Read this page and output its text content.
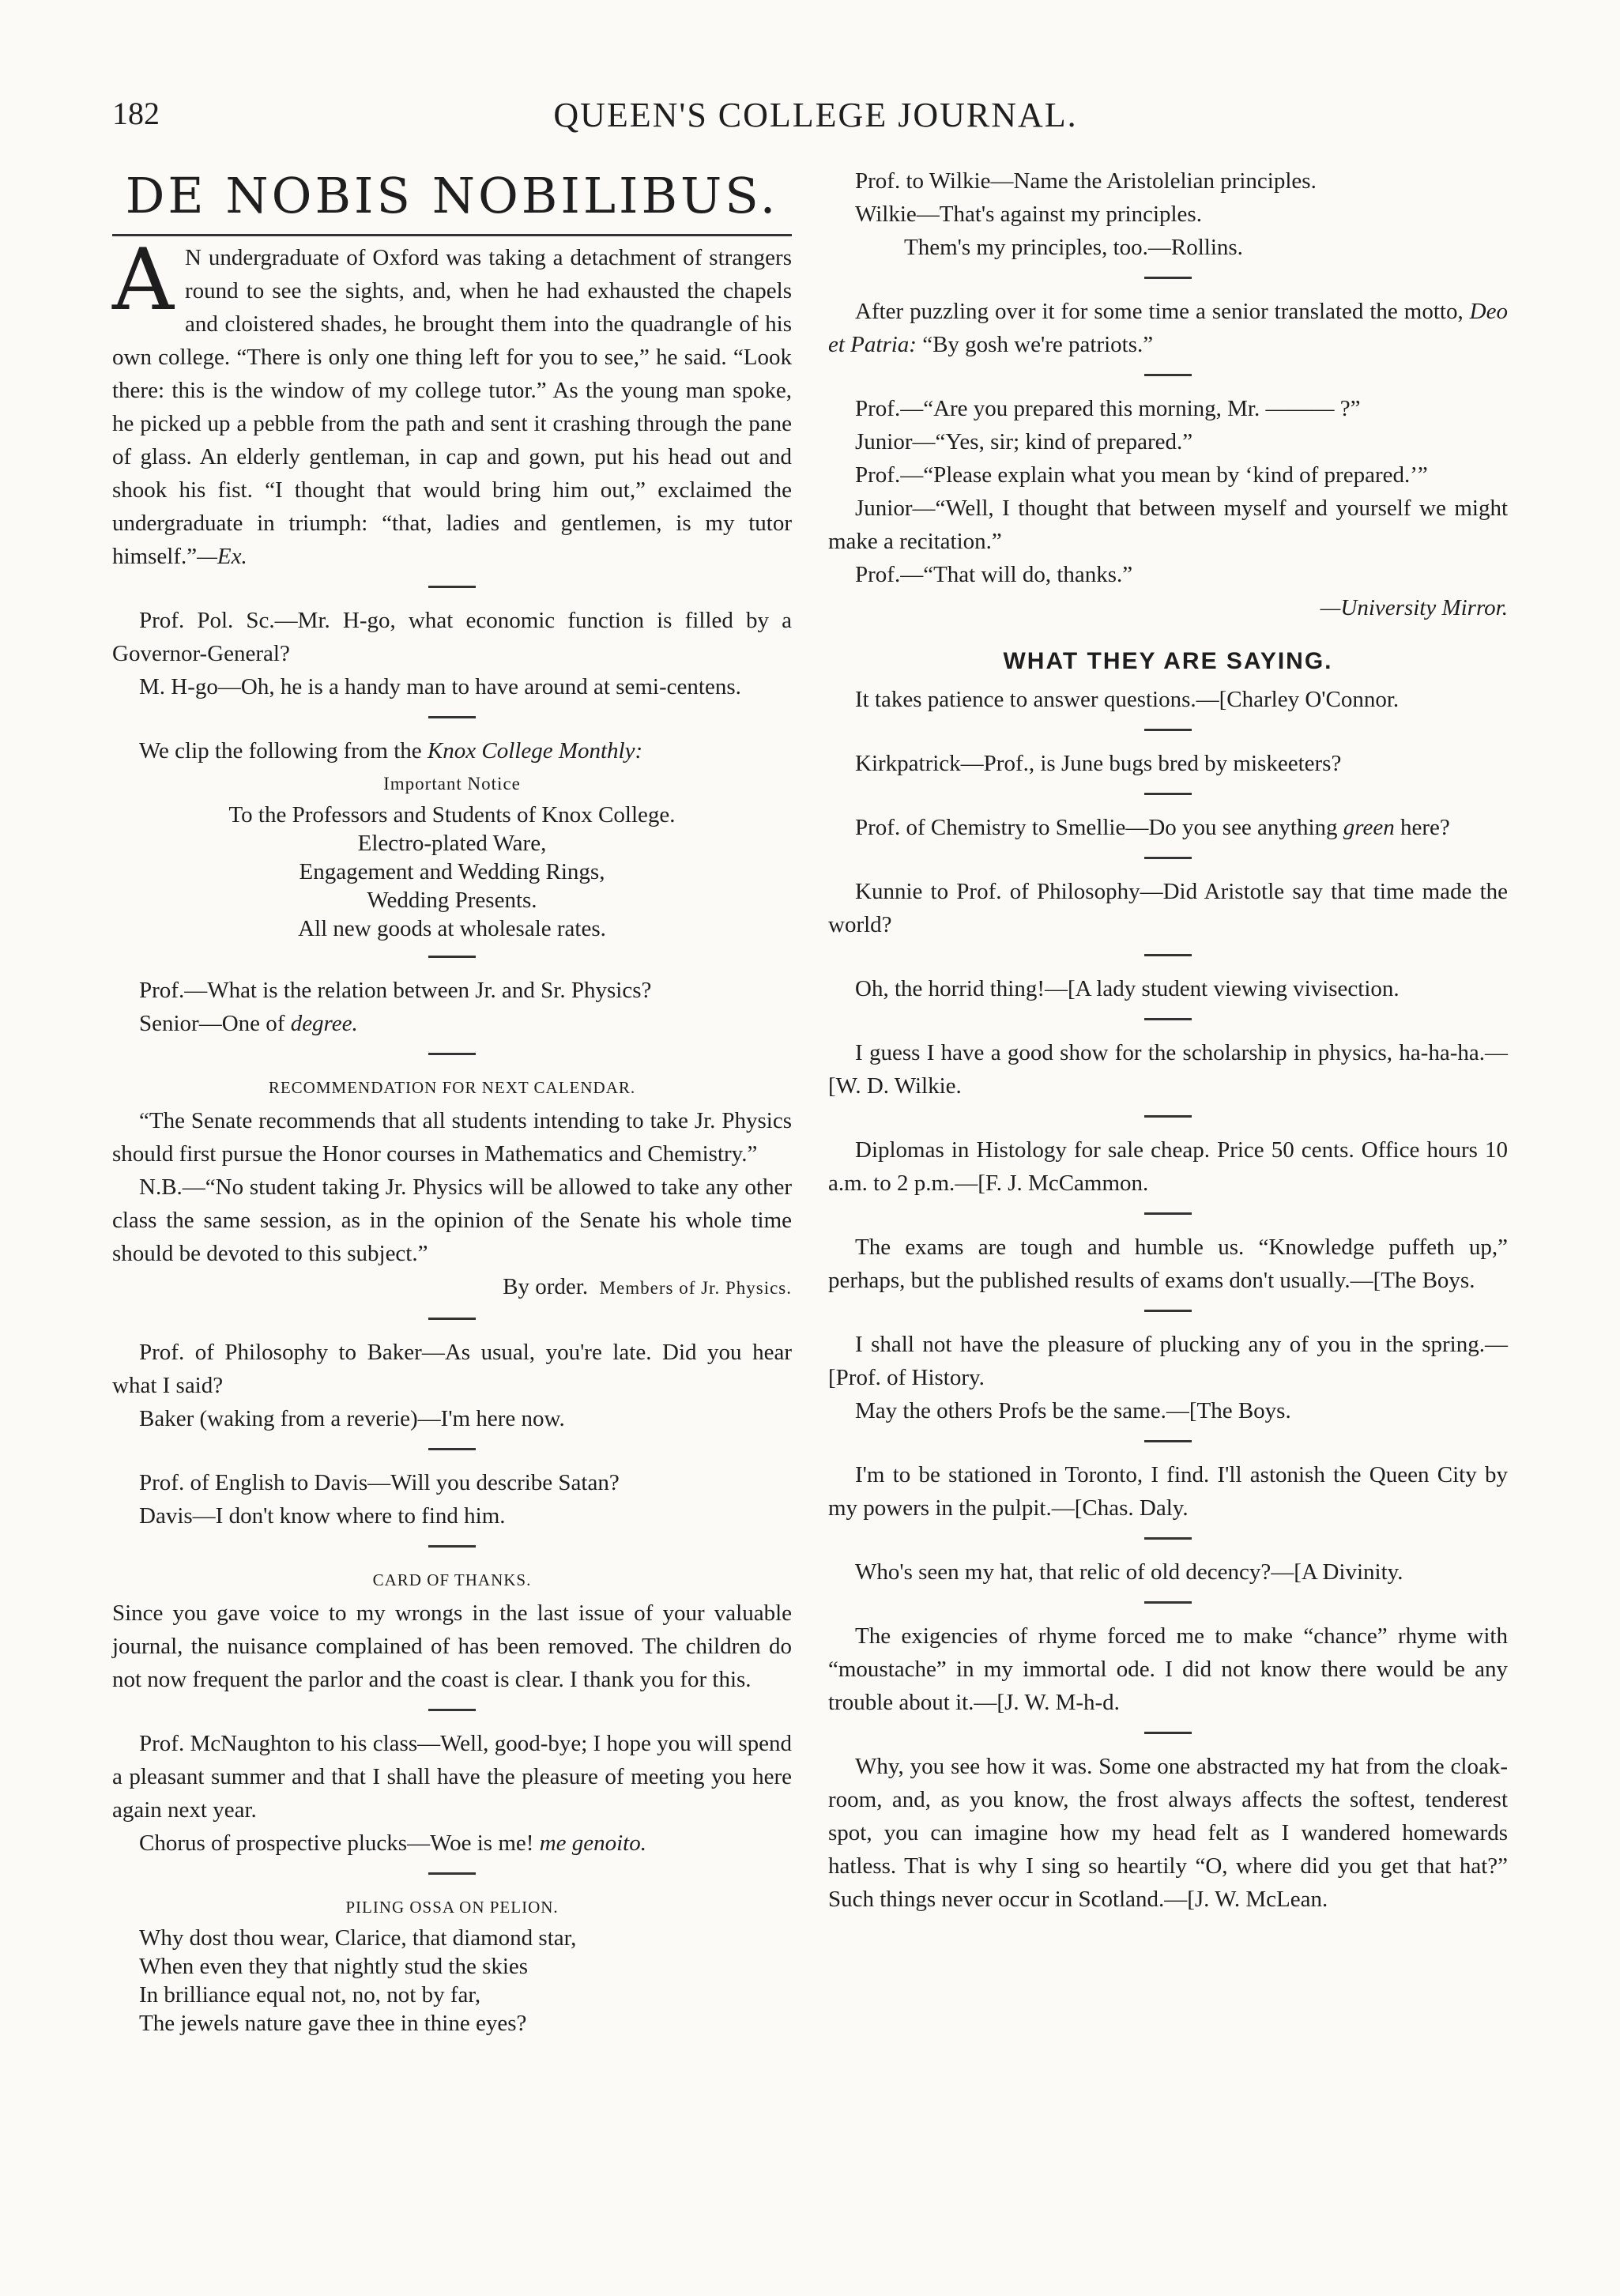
182	QUEEN'S COLLEGE JOURNAL.
DE NOBIS NOBILIBUS.

A N undergraduate of Oxford was taking a detachment of strangers round to see the sights, and, when he had exhausted the chapels and cloistered shades, he brought them into the quadrangle of his own college. “There is only one thing left for you to see,” he said. “Look there: this is the window of my college tutor.” As the young man spoke, he picked up a pebble from the path and sent it crashing through the pane of glass. An elderly gentleman, in cap and gown, put his head out and shook his fist. “I thought that would bring him out,” exclaimed the undergraduate in triumph: “that, ladies and gentlemen, is my tutor himself.”—Ex.

Prof. Pol. Sc.—Mr. H-go, what economic function is filled by a Governor-General?

M. H-go—Oh, he is a handy man to have around at semi-centens.

We clip the following from the Knox College Monthly:

Important Notice

To the Professors and Students of Knox College.
Electro-plated Ware,
Engagement and Wedding Rings,
Wedding Presents.
All new goods at wholesale rates.

Prof.—What is the relation between Jr. and Sr. Physics?

Senior—One of degree.

RECOMMENDATION FOR NEXT CALENDAR.

“The Senate recommends that all students intending to take Jr. Physics should first pursue the Honor courses in Mathematics and Chemistry.”

N.B.—“No student taking Jr. Physics will be allowed to take any other class the same session, as in the opinion of the Senate his whole time should be devoted to this subject.”

By order. Members of Jr. Physics.

Prof. of Philosophy to Baker—As usual, you're late. Did you hear what I said?

Baker (waking from a reverie)—I'm here now.

Prof. of English to Davis—Will you describe Satan?

Davis—I don't know where to find him.

CARD OF THANKS.

Since you gave voice to my wrongs in the last issue of your valuable journal, the nuisance complained of has been removed. The children do not now frequent the parlor and the coast is clear. I thank you for this.

Prof. McNaughton to his class—Well, good-bye; I hope you will spend a pleasant summer and that I shall have the pleasure of meeting you here again next year.

Chorus of prospective plucks—Woe is me! me genoito.

PILING OSSA ON PELION.

Why dost thou wear, Clarice, that diamond star,
When even they that nightly stud the skies
In brilliance equal not, no, not by far,
The jewels nature gave thee in thine eyes?

Prof. to Wilkie—Name the Aristolelian principles.

Wilkie—That's against my principles.

Them's my principles, too.—Rollins.

After puzzling over it for some time a senior translated the motto, Deo et Patria: “By gosh we're patriots.”

Prof.—“Are you prepared this morning, Mr. ——— ?”

Junior—“Yes, sir; kind of prepared.”

Prof.—“Please explain what you mean by ‘kind of prepared.’”

Junior—“Well, I thought that between myself and yourself we might make a recitation.”

Prof.—“That will do, thanks.”

—University Mirror.

WHAT THEY ARE SAYING.

It takes patience to answer questions.—[Charley O'Connor.

Kirkpatrick—Prof., is June bugs bred by miskeeters?

Prof. of Chemistry to Smellie—Do you see anything green here?

Kunnie to Prof. of Philosophy—Did Aristotle say that time made the world?

Oh, the horrid thing!—[A lady student viewing vivisection.

I guess I have a good show for the scholarship in physics, ha-ha-ha.—[W. D. Wilkie.

Diplomas in Histology for sale cheap. Price 50 cents. Office hours 10 a.m. to 2 p.m.—[F. J. McCammon.

The exams are tough and humble us. “Knowledge puffeth up,” perhaps, but the published results of exams don't usually.—[The Boys.

I shall not have the pleasure of plucking any of you in the spring.—[Prof. of History.

May the others Profs be the same.—[The Boys.

I'm to be stationed in Toronto, I find. I'll astonish the Queen City by my powers in the pulpit.—[Chas. Daly.

Who's seen my hat, that relic of old decency?—[A Divinity.

The exigencies of rhyme forced me to make “chance” rhyme with “moustache” in my immortal ode. I did not know there would be any trouble about it.—[J. W. M-h-d.

Why, you see how it was. Some one abstracted my hat from the cloak-room, and, as you know, the frost always affects the softest, tenderest spot, you can imagine how my head felt as I wandered homewards hatless. That is why I sing so heartily “O, where did you get that hat?” Such things never occur in Scotland.—[J. W. McLean.
